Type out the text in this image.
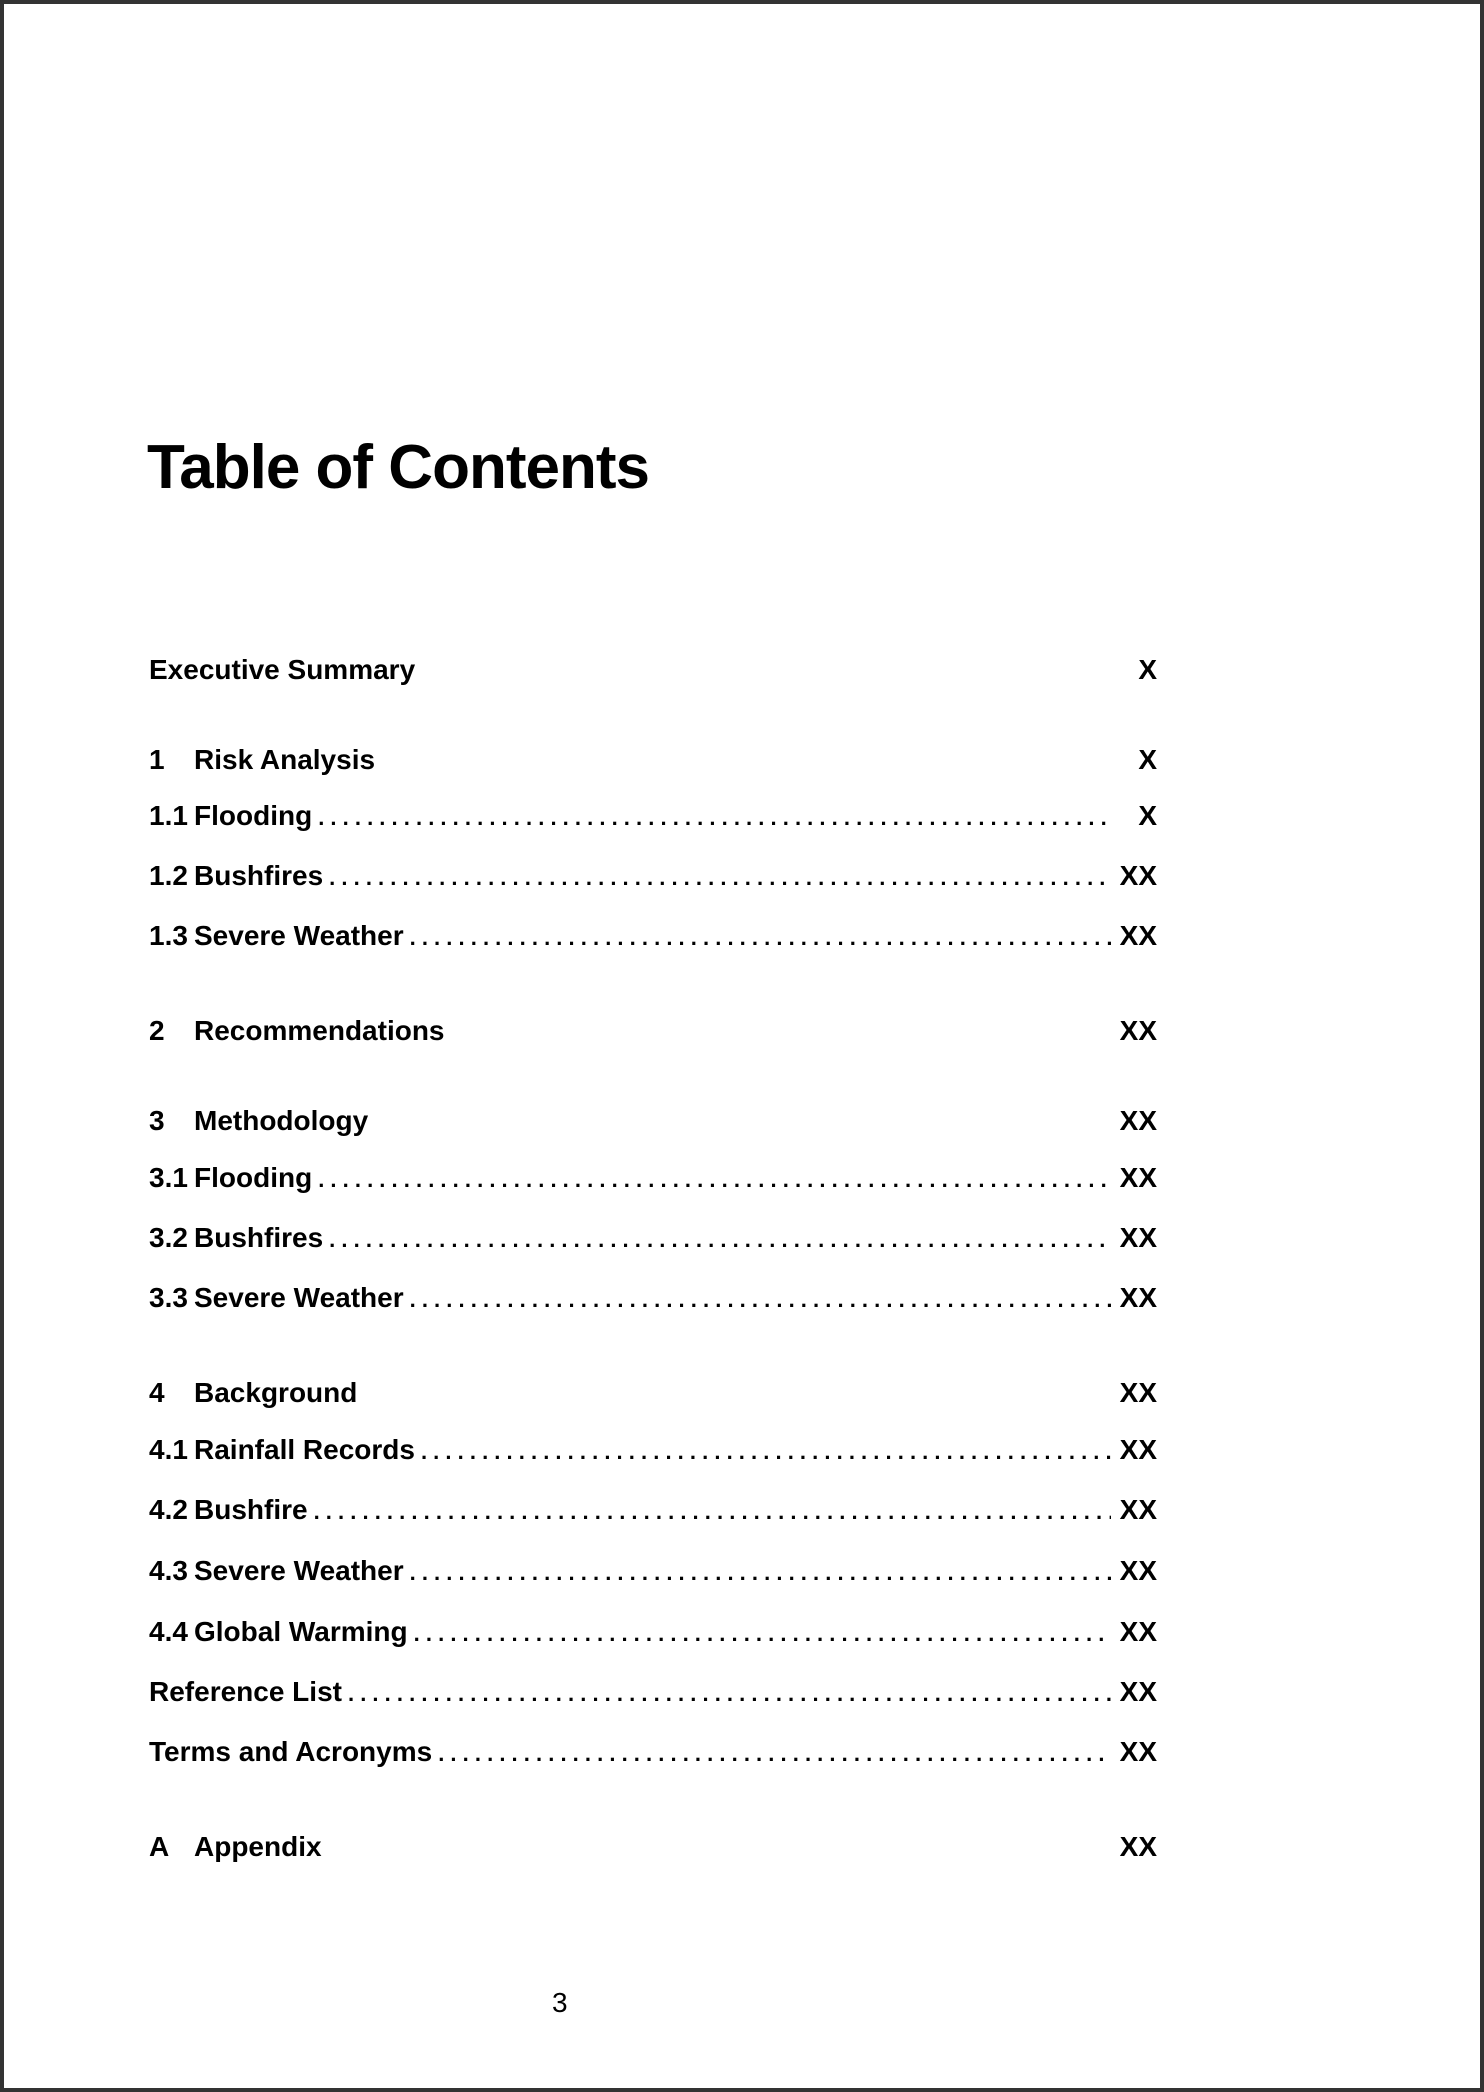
Table of Contents
Executive Summary	X
1	Risk Analysis	X
1.1 Flooding . . .	X
1.2 Bushfires . . .	XX
1.3 Severe Weather . . .	XX
2	Recommendations	XX
3	Methodology	XX
3.1 Flooding . . .	XX
3.2 Bushfires . . .	XX
3.3 Severe Weather . . .	XX
4	Background	XX
4.1 Rainfall Records . . .	XX
4.2 Bushfire . . .	XX
4.3 Severe Weather . . .	XX
4.4 Global Warming . . .	XX
Reference List . . .	XX
Terms and Acronyms . . .	XX
A Appendix	XX
3
